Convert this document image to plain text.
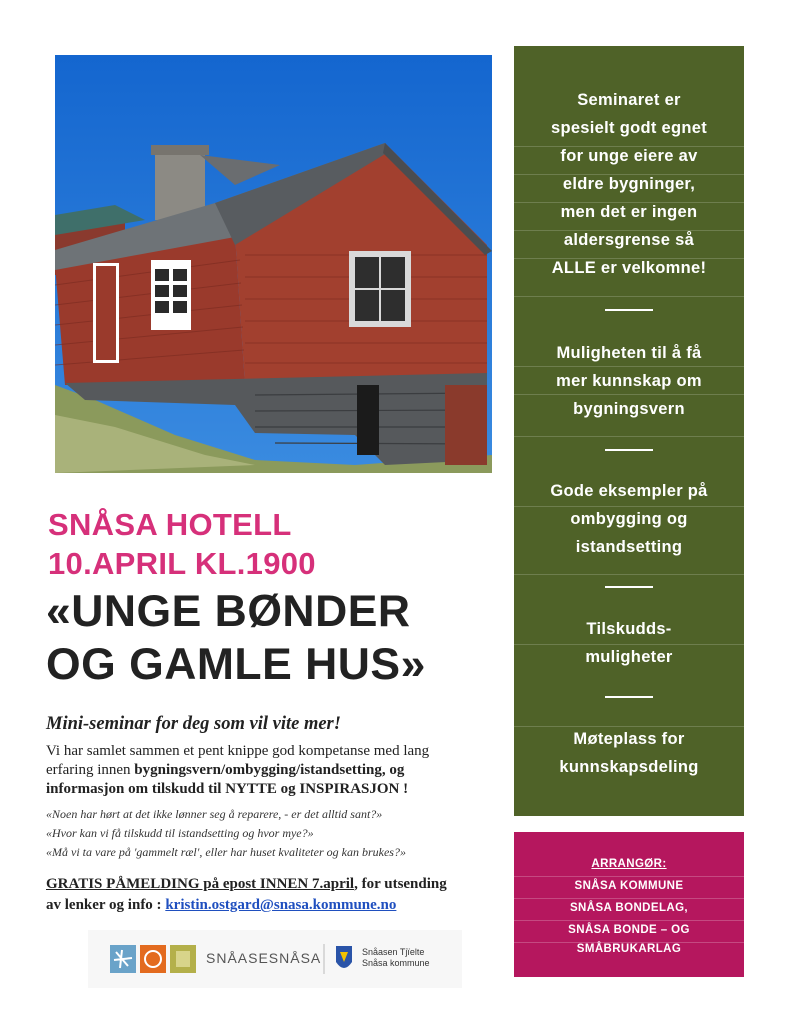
Seminaret er
spesielt godt egnet
for unge eiere av
eldre bygninger,
men det er ingen
aldersgrense så
ALLE er velkomne!
Muligheten til å få
mer kunnskap om
bygningsvern
Gode eksempler på
ombygging og
istandsetting
Tilskudds-
muligheter
Møteplass for
kunnskapsdeling
ARRANGØR:
SNÅSA KOMMUNE
SNÅSA BONDELAG,
SNÅSA BONDE – OG
SMÅBRUKARLAG
SNÅSA HOTELL
10.APRIL KL.1900
«UNGE BØNDER
OG GAMLE HUS»
Mini-seminar for deg som vil vite mer!
Vi har samlet sammen et pent knippe god kompetanse med lang
erfaring innen bygningsvern/ombygging/istandsetting, og
informasjon om tilskudd til NYTTE og INSPIRASJON !
«Noen har hørt at det ikke lønner seg å reparere, - er det alltid sant?»
«Hvor kan vi få tilskudd til istandsetting og hvor mye?»
«Må vi ta vare på 'gammelt ræl', eller har huset kvaliteter og kan brukes?»
GRATIS PÅMELDING på epost INNEN 7.april, for utsending
av lenker og info : kristin.ostgard@snasa.kommune.no
SNÅASESNÅSA	Snåasen Tjïelte
Snåsa kommune
